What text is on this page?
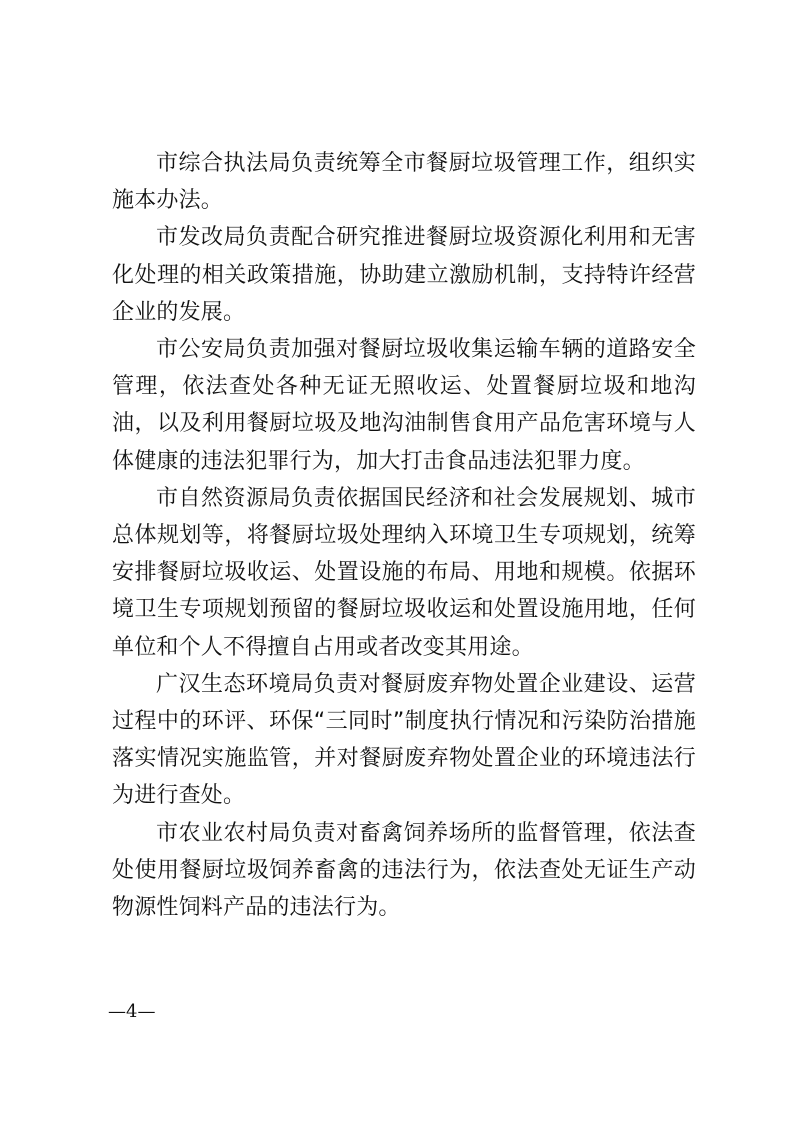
市综合执法局负责统筹全市餐厨垃圾管理工作，组织实施本办法。

市发改局负责配合研究推进餐厨垃圾资源化利用和无害化处理的相关政策措施，协助建立激励机制，支持特许经营企业的发展。

市公安局负责加强对餐厨垃圾收集运输车辆的道路安全管理，依法查处各种无证无照收运、处置餐厨垃圾和地沟油，以及利用餐厨垃圾及地沟油制售食用产品危害环境与人体健康的违法犯罪行为，加大打击食品违法犯罪力度。

市自然资源局负责依据国民经济和社会发展规划、城市总体规划等，将餐厨垃圾处理纳入环境卫生专项规划，统筹安排餐厨垃圾收运、处置设施的布局、用地和规模。依据环境卫生专项规划预留的餐厨垃圾收运和处置设施用地，任何单位和个人不得擅自占用或者改变其用途。

广汉生态环境局负责对餐厨废弃物处置企业建设、运营过程中的环评、环保“三同时”制度执行情况和污染防治措施落实情况实施监管，并对餐厨废弃物处置企业的环境违法行为进行查处。

市农业农村局负责对畜禽饲养场所的监督管理，依法查处使用餐厨垃圾饲养畜禽的违法行为，依法查处无证生产动物源性饲料产品的违法行为。

—4—
